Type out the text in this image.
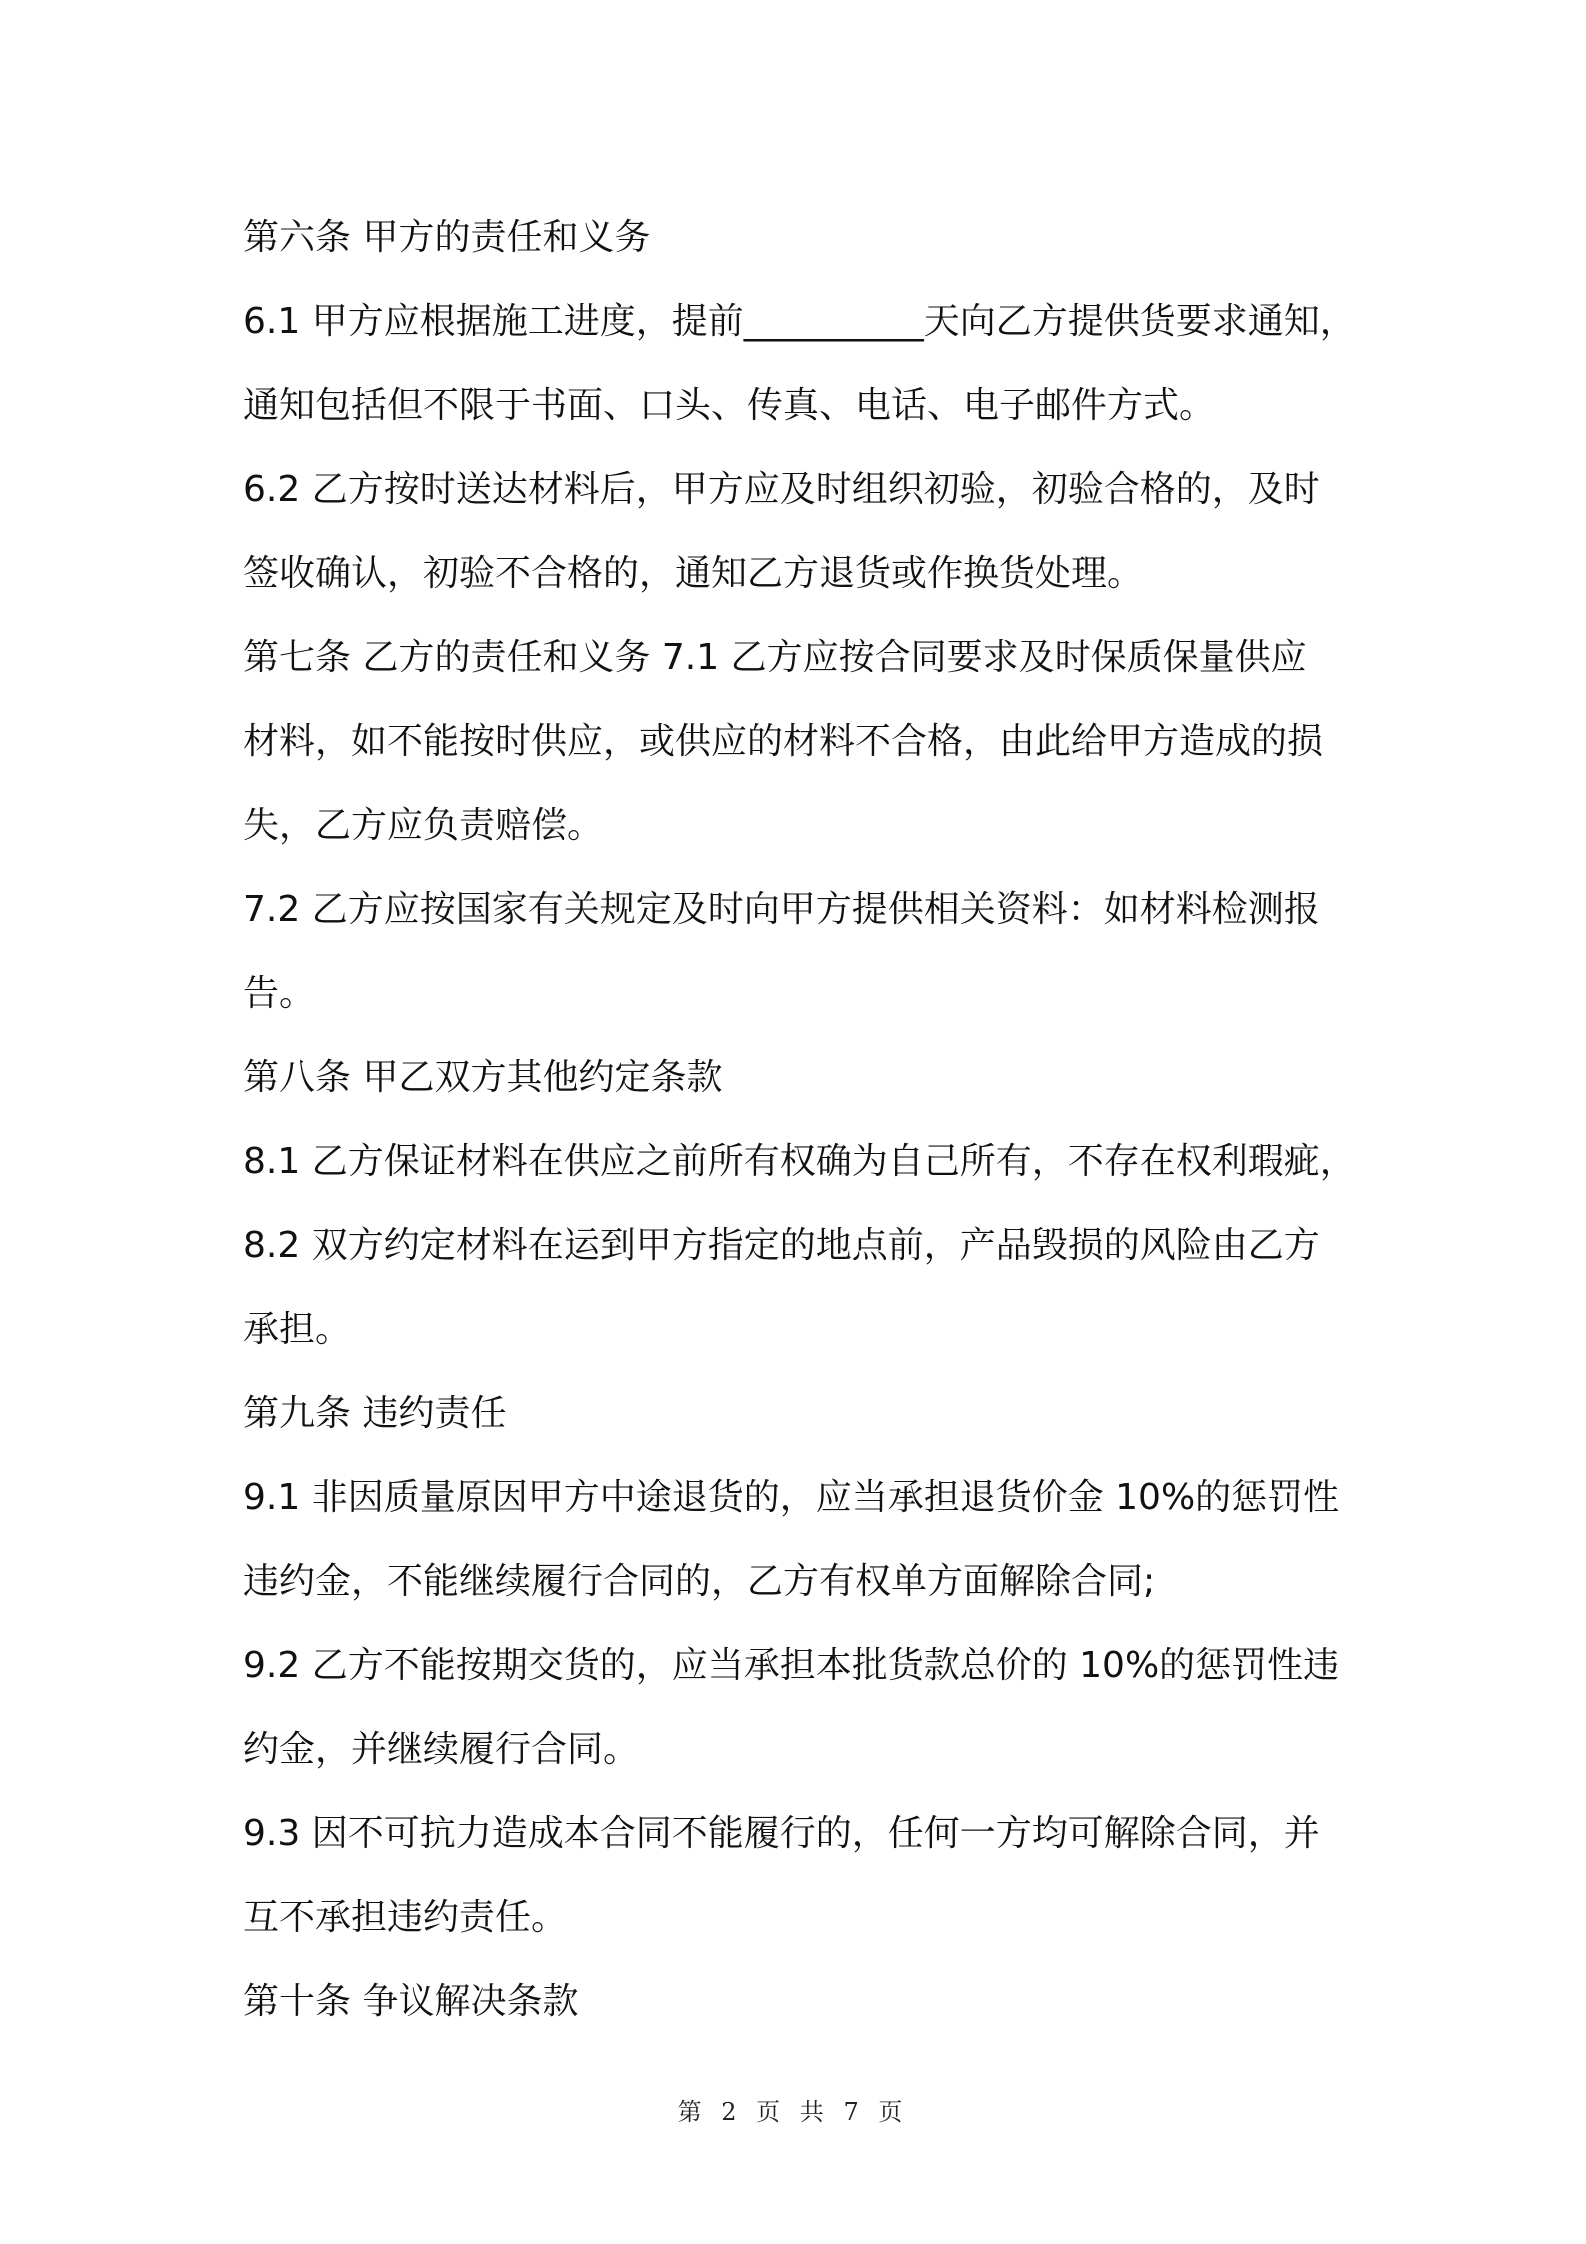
第六条 甲方的责任和义务
6.1 甲方应根据施工进度，提前__________天向乙方提供货要求通知，
通知包括但不限于书面、口头、传真、电话、电子邮件方式。
6.2 乙方按时送达材料后，甲方应及时组织初验，初验合格的，及时
签收确认，初验不合格的，通知乙方退货或作换货处理。
第七条 乙方的责任和义务 7.1 乙方应按合同要求及时保质保量供应
材料，如不能按时供应，或供应的材料不合格，由此给甲方造成的损
失，乙方应负责赔偿。
7.2 乙方应按国家有关规定及时向甲方提供相关资料：如材料检测报
告。
第八条 甲乙双方其他约定条款
8.1 乙方保证材料在供应之前所有权确为自己所有，不存在权利瑕疵，
8.2 双方约定材料在运到甲方指定的地点前，产品毁损的风险由乙方
承担。
第九条 违约责任
9.1 非因质量原因甲方中途退货的，应当承担退货价金 10%的惩罚性
违约金，不能继续履行合同的，乙方有权单方面解除合同;
9.2 乙方不能按期交货的，应当承担本批货款总价的 10%的惩罚性违
约金，并继续履行合同。
9.3 因不可抗力造成本合同不能履行的，任何一方均可解除合同，并
互不承担违约责任。
第十条 争议解决条款
第 2 页 共 7 页
